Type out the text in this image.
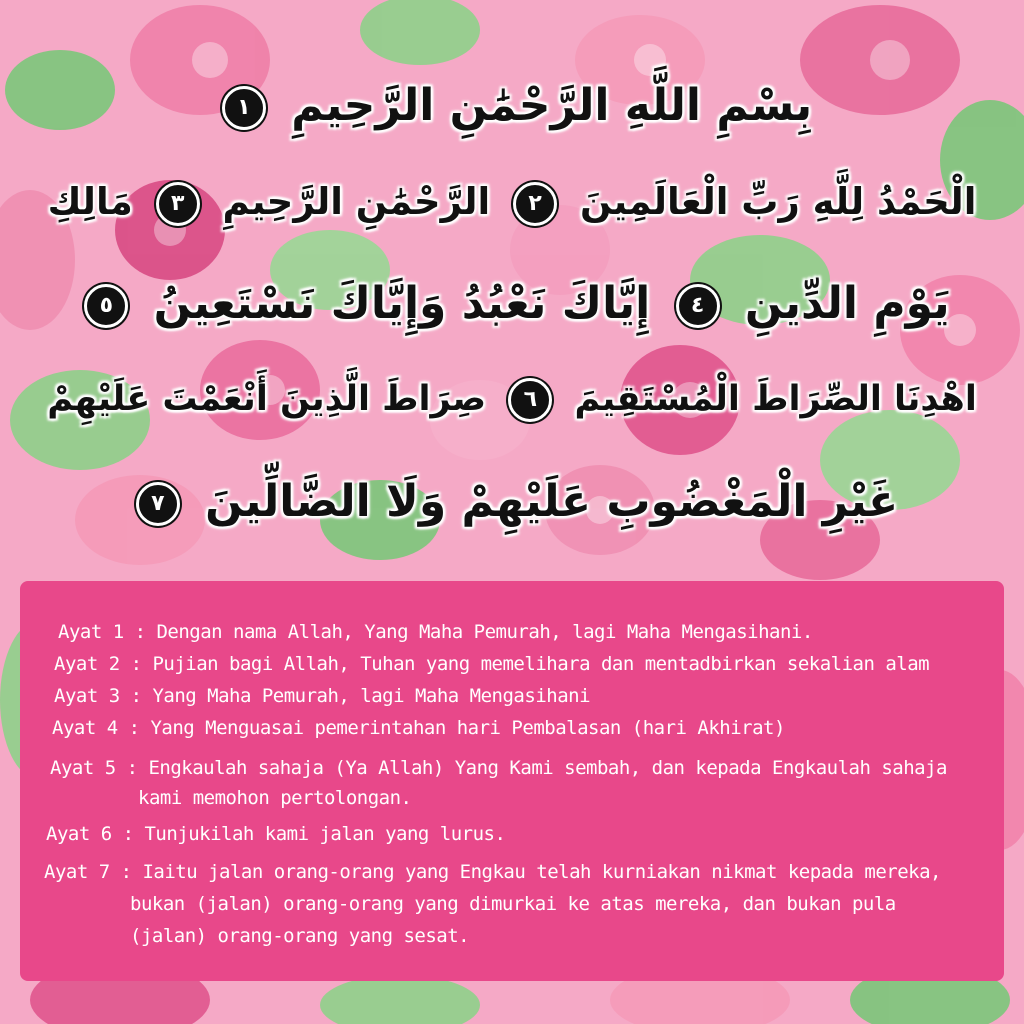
بِسْمِ اللَّهِ الرَّحْمَٰنِ الرَّحِيمِ ١
الْحَمْدُ لِلَّهِ رَبِّ الْعَالَمِينَ ٢ الرَّحْمَٰنِ الرَّحِيمِ ٣ مَالِكِ
يَوْمِ الدِّينِ ٤ إِيَّاكَ نَعْبُدُ وَإِيَّاكَ نَسْتَعِينُ ٥
اهْدِنَا الصِّرَاطَ الْمُسْتَقِيمَ ٦ صِرَاطَ الَّذِينَ أَنْعَمْتَ عَلَيْهِمْ
غَيْرِ الْمَغْضُوبِ عَلَيْهِمْ وَلَا الضَّالِّينَ ٧
Ayat 1 : Dengan nama Allah, Yang Maha Pemurah, lagi Maha Mengasihani.
Ayat 2 : Pujian bagi Allah, Tuhan yang memelihara dan mentadbirkan sekalian alam
Ayat 3 : Yang Maha Pemurah, lagi Maha Mengasihani
Ayat 4 : Yang Menguasai pemerintahan hari Pembalasan (hari Akhirat)
Ayat 5 : Engkaulah sahaja (Ya Allah) Yang Kami sembah, dan kepada Engkaulah sahaja
kami memohon pertolongan.
Ayat 6 : Tunjukilah kami jalan yang lurus.
Ayat 7 : Iaitu jalan orang-orang yang Engkau telah kurniakan nikmat kepada mereka,
bukan (jalan) orang-orang yang dimurkai ke atas mereka, dan bukan pula
(jalan) orang-orang yang sesat.
